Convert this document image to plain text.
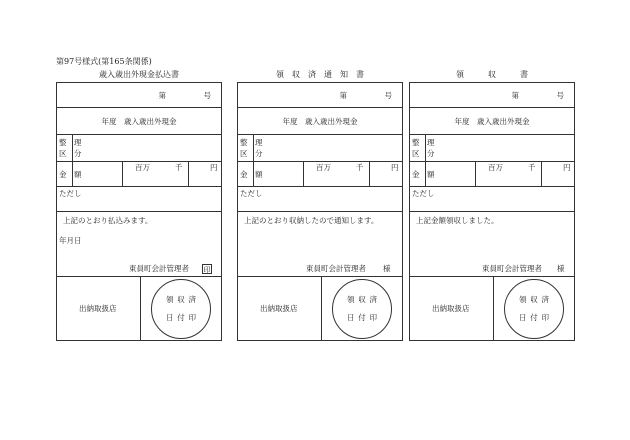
第97号様式(第165条関係)
歳入歳出外現金払込書
第　　　　　号
年度　歳入歳出外現金
整　理
区　分
金　額
百万	千	円
ただし
上記のとおり払込みます。
年月日
東員町会計管理者 印
出納取扱店
領 収 済
日 付 印
領　収　済　通　知　書
第　　　　　号
年度　歳入歳出外現金
整　理
区　分
金　額
百万	千	円
ただし
上記のとおり収納したので通知します。
東員町会計管理者 様
出納取扱店
領 収 済
日 付 印
領　　　収　　　書
第　　　　　号
年度　歳入歳出外現金
整　理
区　分
金　額
百万	千	円
ただし
上記金額領収しました。
東員町会計管理者 様
出納取扱店
領 収 済
日 付 印
